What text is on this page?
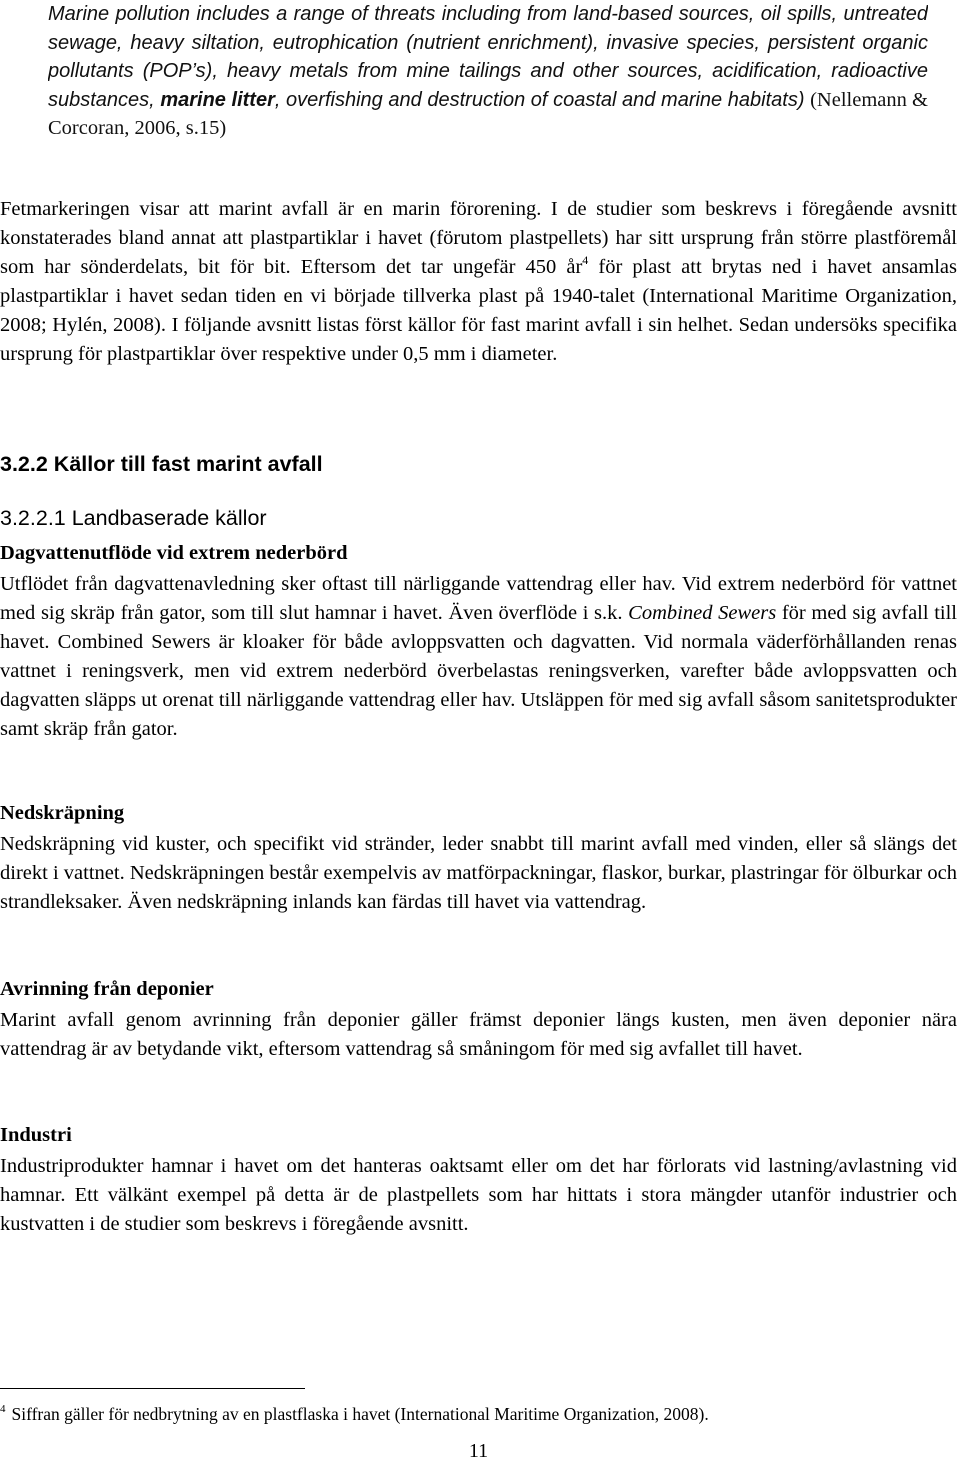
Marine pollution includes a range of threats including from land-based sources, oil spills, untreated sewage, heavy siltation, eutrophication (nutrient enrichment), invasive species, persistent organic pollutants (POP’s), heavy metals from mine tailings and other sources, acidification, radioactive substances, marine litter, overfishing and destruction of coastal and marine habitats) (Nellemann & Corcoran, 2006, s.15)

Fetmarkeringen visar att marint avfall är en marin förorening. I de studier som beskrevs i föregående avsnitt konstaterades bland annat att plastpartiklar i havet (förutom plastpellets) har sitt ursprung från större plastföremål som har sönderdelats, bit för bit. Eftersom det tar ungefär 450 $år^4$ för plast att brytas ned i havet ansamlas plastpartiklar i havet sedan tiden en vi började tillverka plast på 1940-talet (International Maritime Organization, 2008; Hylén, 2008). I följande avsnitt listas först källor för fast marint avfall i sin helhet. Sedan undersöks specifika ursprung för plastpartiklar över respektive under 0,5 mm i diameter.

3.2.2 Källor till fast marint avfall
3.2.2.1 Landbaserade källor

Dagvattenutflöde vid extrem nederbörd

Utflödet från dagvattenavledning sker oftast till närliggande vattendrag eller hav. Vid extrem nederbörd för vattnet med sig skräp från gator, som till slut hamnar i havet. Även överflöde i s.k. Combined Sewers för med sig avfall till havet. Combined Sewers är kloaker för både avloppsvatten och dagvatten. Vid normala väderförhållanden renas vattnet i reningsverk, men vid extrem nederbörd överbelastas reningsverken, varefter både avloppsvatten och dagvatten släpps ut orenat till närliggande vattendrag eller hav. Utsläppen för med sig avfall såsom sanitetsprodukter samt skräp från gator.

Nedskräpning

Nedskräpning vid kuster, och specifikt vid stränder, leder snabbt till marint avfall med vinden, eller så slängs det direkt i vattnet. Nedskräpningen består exempelvis av matförpackningar, flaskor, burkar, plastringar för ölburkar och strandleksaker. Även nedskräpning inlands kan färdas till havet via vattendrag.

Avrinning från deponier

Marint avfall genom avrinning från deponier gäller främst deponier längs kusten, men även deponier nära vattendrag är av betydande vikt, eftersom vattendrag så småningom för med sig avfallet till havet.

Industri

Industriprodukter hamnar i havet om det hanteras oaktsamt eller om det har förlorats vid lastning/avlastning vid hamnar. Ett välkänt exempel på detta är de plastpellets som har hittats i stora mängder utanför industrier och kustvatten i de studier som beskrevs i föregående avsnitt.

$^4$ Siffran gäller för nedbrytning av en plastflaska i havet (International Maritime Organization, 2008).

11
